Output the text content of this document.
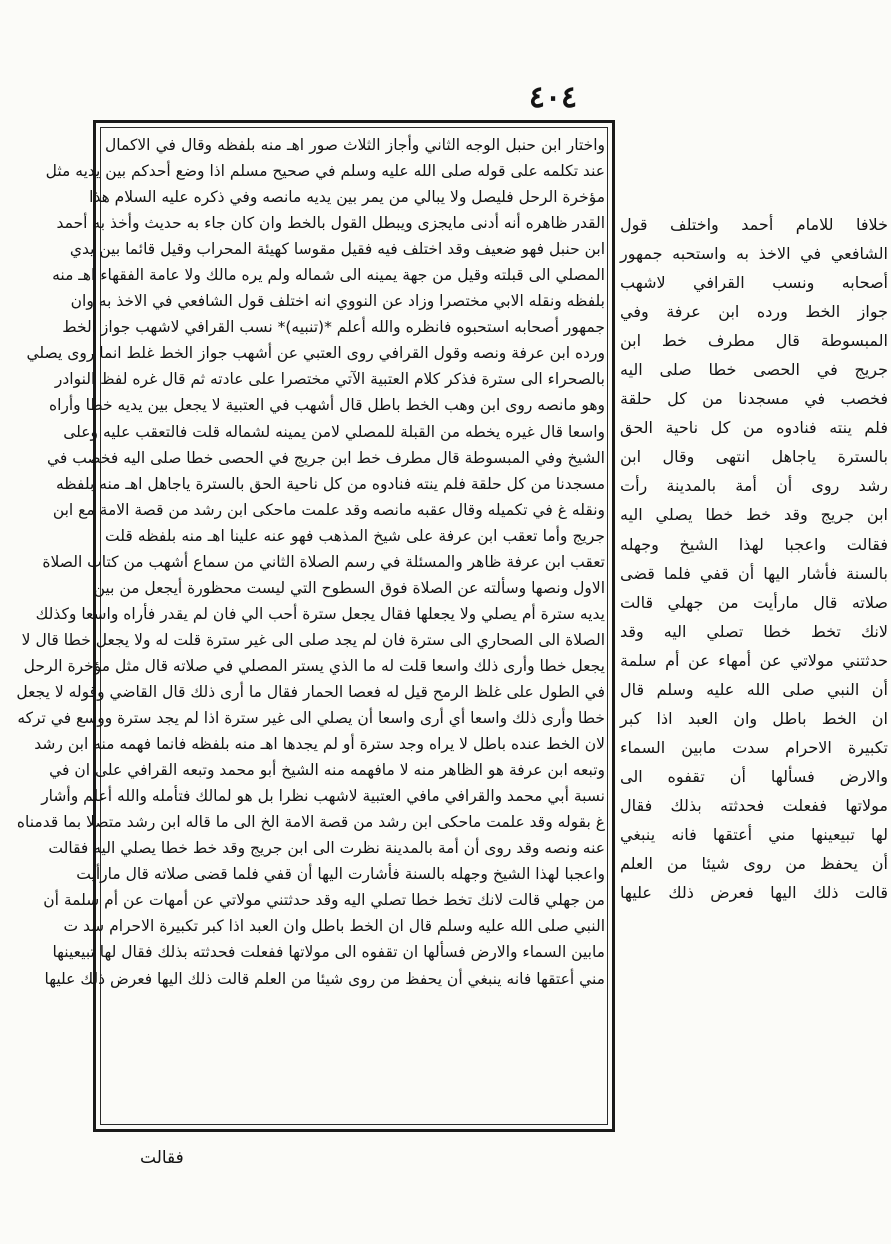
٤٠٤
واختار ابن حنبل الوجه الثاني وأجاز الثلاث صور اهـ منه بلفظه وقال في الاكمال
عند تكلمه على قوله صلى الله عليه وسلم في صحيح مسلم اذا وضع أحدكم بين يديه مثل
مؤخرة الرحل فليصل ولا يبالي من يمر بين يديه مانصه وفي ذكره عليه السلام هذا
القدر ظاهره أنه أدنى مايجزى ويبطل القول بالخط وان كان جاء به حديث وأخذ به أحمد
ابن حنبل فهو ضعيف وقد اختلف فيه فقيل مقوسا كهيئة المحراب وقيل قائما بين يدي
المصلي الى قبلته وقيل من جهة يمينه الى شماله ولم يره مالك ولا عامة الفقهاء اهـ منه
بلفظه ونقله الابي مختصرا وزاد عن النووي انه اختلف قول الشافعي في الاخذ به وان
جمهور أصحابه استحبوه فانظره والله أعلم *(تنبيه)* نسب القرافي لاشهب جواز الخط
ورده ابن عرفة ونصه وقول القرافي روى العتبي عن أشهب جواز الخط غلط انما روى يصلي
بالصحراء الى سترة فذكر كلام العتبية الآتي مختصرا على عادته ثم قال غره لفظ النوادر
وهو مانصه روى ابن وهب الخط باطل قال أشهب في العتبية لا يجعل بين يديه خطا وأراه
واسعا قال غيره يخطه من القبلة للمصلي لامن يمينه لشماله قلت فالتعقب عليه وعلى
الشيخ وفي المبسوطة قال مطرف خط ابن جريج في الحصى خطا صلى اليه فخصب في
مسجدنا من كل حلقة فلم ينته فنادوه من كل ناحية الحق بالسترة ياجاهل اهـ منه بلفظه
ونقله غ في تكميله وقال عقبه مانصه وقد علمت ماحكى ابن رشد من قصة الامة مع ابن
جريج وأما تعقب ابن عرفة على شيخ المذهب فهو عنه علينا اهـ منه بلفظه قلت
تعقب ابن عرفة ظاهر والمسئلة في رسم الصلاة الثاني من سماع أشهب من كتاب الصلاة
الاول ونصها وسألته عن الصلاة فوق السطوح التي ليست محظورة أيجعل من بين
يديه سترة أم يصلي ولا يجعلها فقال يجعل سترة أحب الي فان لم يقدر فأراه واسعا وكذلك
الصلاة الى الصحاري الى سترة فان لم يجد صلى الى غير سترة قلت له ولا يجعل خطا قال لا
يجعل خطا وأرى ذلك واسعا قلت له ما الذي يستر المصلي في صلاته قال مثل مؤخرة الرحل
في الطول على غلظ الرمح قيل له فعصا الحمار فقال ما أرى ذلك قال القاضي وقوله لا يجعل
خطا وأرى ذلك واسعا أي أرى واسعا أن يصلي الى غير سترة اذا لم يجد سترة ووسع في تركه
لان الخط عنده باطل لا يراه وجد سترة أو لم يجدها اهـ منه بلفظه فانما فهمه منه ابن رشد
وتبعه ابن عرفة هو الظاهر منه لا مافهمه منه الشيخ أبو محمد وتبعه القرافي على ان في
نسبة أبي محمد والقرافي مافي العتبية لاشهب نظرا بل هو لمالك فتأمله والله أعلم وأشار
غ بقوله وقد علمت ماحكى ابن رشد من قصة الامة الخ الى ما قاله ابن رشد متصلا بما قدمناه
عنه ونصه وقد روى أن أمة بالمدينة نظرت الى ابن جريج وقد خط خطا يصلي اليه فقالت
واعجبا لهذا الشيخ وجهله بالسنة فأشارت اليها أن قفي فلما قضى صلاته قال مارأيت
من جهلي قالت لانك تخط خطا تصلي اليه وقد حدثتني مولاتي عن أمهات عن أم سلمة أن
النبي صلى الله عليه وسلم قال ان الخط باطل وان العبد اذا كبر تكبيرة الاحرام سد ت
مابين السماء والارض فسألها ان تقفوه الى مولاتها ففعلت فحدثته بذلك فقال لها تبيعينها
مني أعتقها فانه ينبغي أن يحفظ من روى شيئا من العلم قالت ذلك اليها فعرض ذلك عليها
خلافا للامام أحمد واختلف قول
الشافعي في الاخذ به واستحبه جمهور
أصحابه ونسب القرافي لاشهب
جواز الخط ورده ابن عرفة وفي
المبسوطة قال مطرف خط ابن
جريج في الحصى خطا صلى اليه
فخصب في مسجدنا من كل حلقة
فلم ينته فنادوه من كل ناحية الحق
بالسترة ياجاهل انتهى وقال ابن
رشد روى أن أمة بالمدينة رأت
ابن جريج وقد خط خطا يصلي اليه
فقالت واعجبا لهذا الشيخ وجهله
بالسنة فأشار اليها أن قفي فلما قضى
صلاته قال مارأيت من جهلي قالت
لانك تخط خطا تصلي اليه وقد
حدثتني مولاتي عن أمهاء عن أم سلمة
أن النبي صلى الله عليه وسلم قال
ان الخط باطل وان العبد اذا كبر
تكبيرة الاحرام سدت مابين السماء
والارض فسألها أن تقفوه الى
مولاتها ففعلت فحدثته بذلك فقال
لها تبيعينها مني أعتقها فانه ينبغي
أن يحفظ من روى شيئا من العلم
قالت ذلك اليها فعرض ذلك عليها
فقالت
